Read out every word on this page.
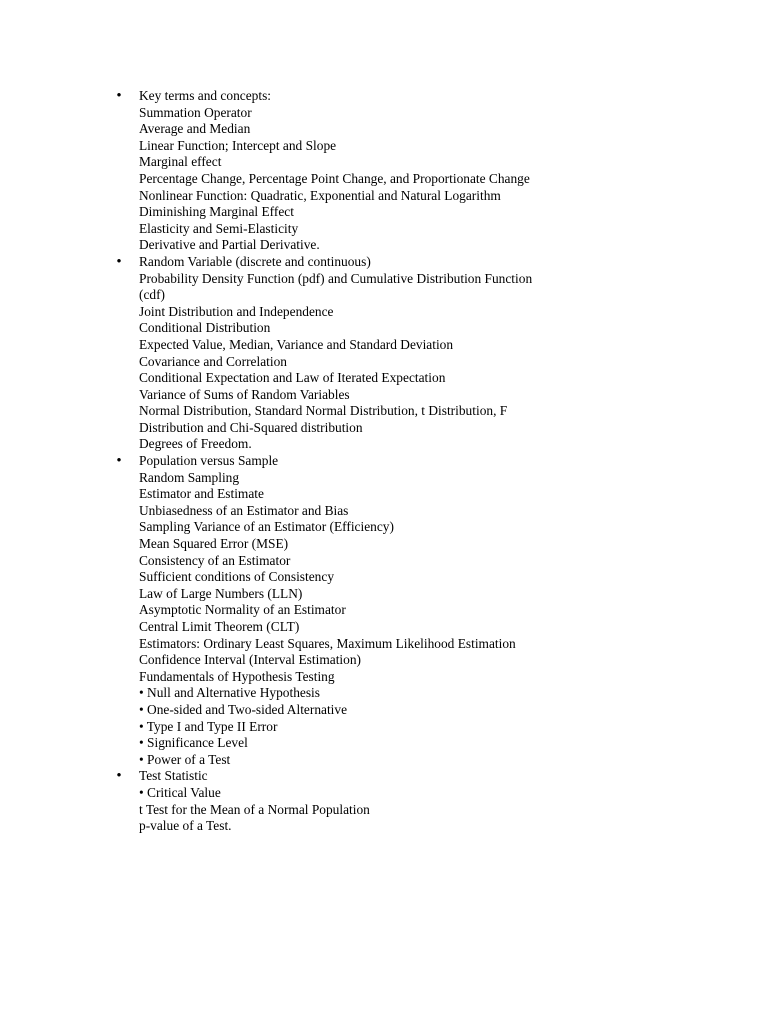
• Key terms and concepts:
Summation Operator
Average and Median
Linear Function; Intercept and Slope
Marginal effect
Percentage Change, Percentage Point Change, and Proportionate Change
Nonlinear Function: Quadratic, Exponential and Natural Logarithm
Diminishing Marginal Effect
Elasticity and Semi-Elasticity
Derivative and Partial Derivative.
• Random Variable (discrete and continuous)
Probability Density Function (pdf) and Cumulative Distribution Function
(cdf)
Joint Distribution and Independence
Conditional Distribution
Expected Value, Median, Variance and Standard Deviation
Covariance and Correlation
Conditional Expectation and Law of Iterated Expectation
Variance of Sums of Random Variables
Normal Distribution, Standard Normal Distribution, t Distribution, F
Distribution and Chi-Squared distribution
Degrees of Freedom.
• Population versus Sample
Random Sampling
Estimator and Estimate
Unbiasedness of an Estimator and Bias
Sampling Variance of an Estimator (Efficiency)
Mean Squared Error (MSE)
Consistency of an Estimator
Sufficient conditions of Consistency
Law of Large Numbers (LLN)
Asymptotic Normality of an Estimator
Central Limit Theorem (CLT)
Estimators: Ordinary Least Squares, Maximum Likelihood Estimation
Confidence Interval (Interval Estimation)
Fundamentals of Hypothesis Testing
• Null and Alternative Hypothesis
• One-sided and Two-sided Alternative
• Type I and Type II Error
• Significance Level
• Power of a Test
• Test Statistic
• Critical Value
t Test for the Mean of a Normal Population
p-value of a Test.
